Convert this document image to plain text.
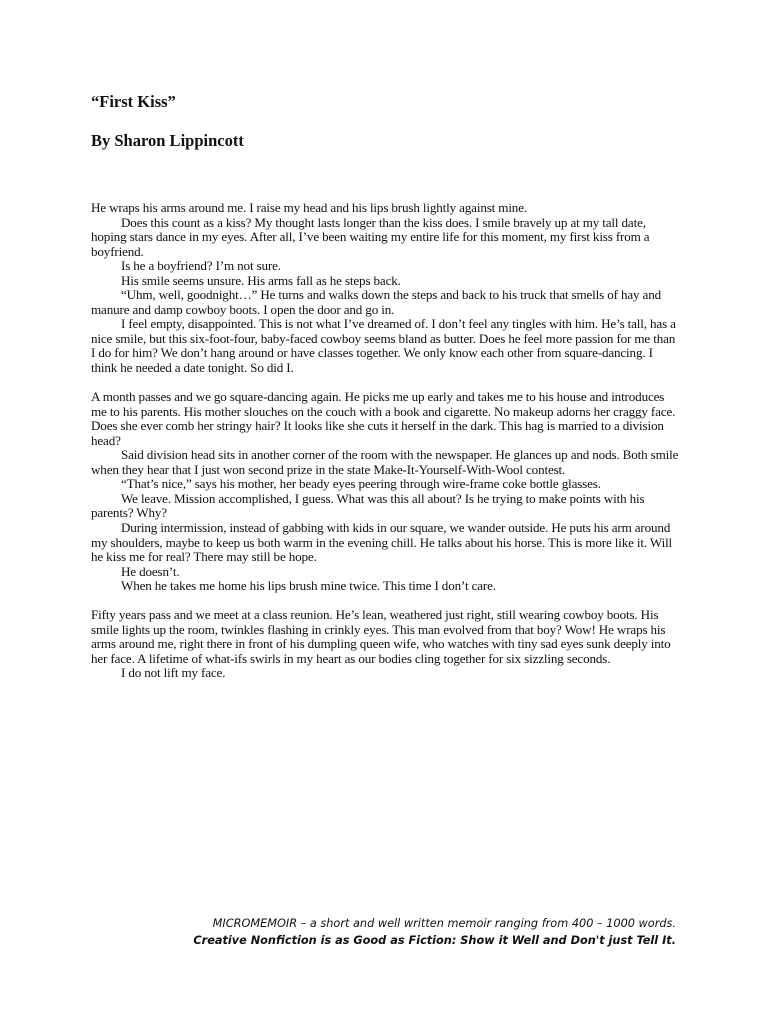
“First Kiss”
By Sharon Lippincott

He wraps his arms around me. I raise my head and his lips brush lightly against mine.

Does this count as a kiss? My thought lasts longer than the kiss does. I smile bravely up at my tall date, hoping stars dance in my eyes. After all, I’ve been waiting my entire life for this moment, my first kiss from a boyfriend.

Is he a boyfriend? I’m not sure.

His smile seems unsure. His arms fall as he steps back.

“Uhm, well, goodnight…” He turns and walks down the steps and back to his truck that smells of hay and manure and damp cowboy boots. I open the door and go in.

I feel empty, disappointed. This is not what I’ve dreamed of. I don’t feel any tingles with him. He’s tall, has a nice smile, but this six-foot-four, baby-faced cowboy seems bland as butter. Does he feel more passion for me than I do for him? We don’t hang around or have classes together. We only know each other from square-dancing. I think he needed a date tonight. So did I.

A month passes and we go square-dancing again. He picks me up early and takes me to his house and introduces me to his parents. His mother slouches on the couch with a book and cigarette. No makeup adorns her craggy face. Does she ever comb her stringy hair? It looks like she cuts it herself in the dark. This hag is married to a division head?

Said division head sits in another corner of the room with the newspaper. He glances up and nods. Both smile when they hear that I just won second prize in the state Make-It-Yourself-With-Wool contest.

“That’s nice,” says his mother, her beady eyes peering through wire-frame coke bottle glasses.

We leave. Mission accomplished, I guess. What was this all about? Is he trying to make points with his parents? Why?

During intermission, instead of gabbing with kids in our square, we wander outside. He puts his arm around my shoulders, maybe to keep us both warm in the evening chill. He talks about his horse. This is more like it. Will he kiss me for real? There may still be hope.

He doesn’t.

When he takes me home his lips brush mine twice. This time I don’t care.

Fifty years pass and we meet at a class reunion. He’s lean, weathered just right, still wearing cowboy boots. His smile lights up the room, twinkles flashing in crinkly eyes. This man evolved from that boy? Wow! He wraps his arms around me, right there in front of his dumpling queen wife, who watches with tiny sad eyes sunk deeply into her face. A lifetime of what-ifs swirls in my heart as our bodies cling together for six sizzling seconds.

I do not lift my face.

MICROMEMOIR – a short and well written memoir ranging from 400 – 1000 words.
Creative Nonfiction is as Good as Fiction: Show it Well and Don't just Tell It.
